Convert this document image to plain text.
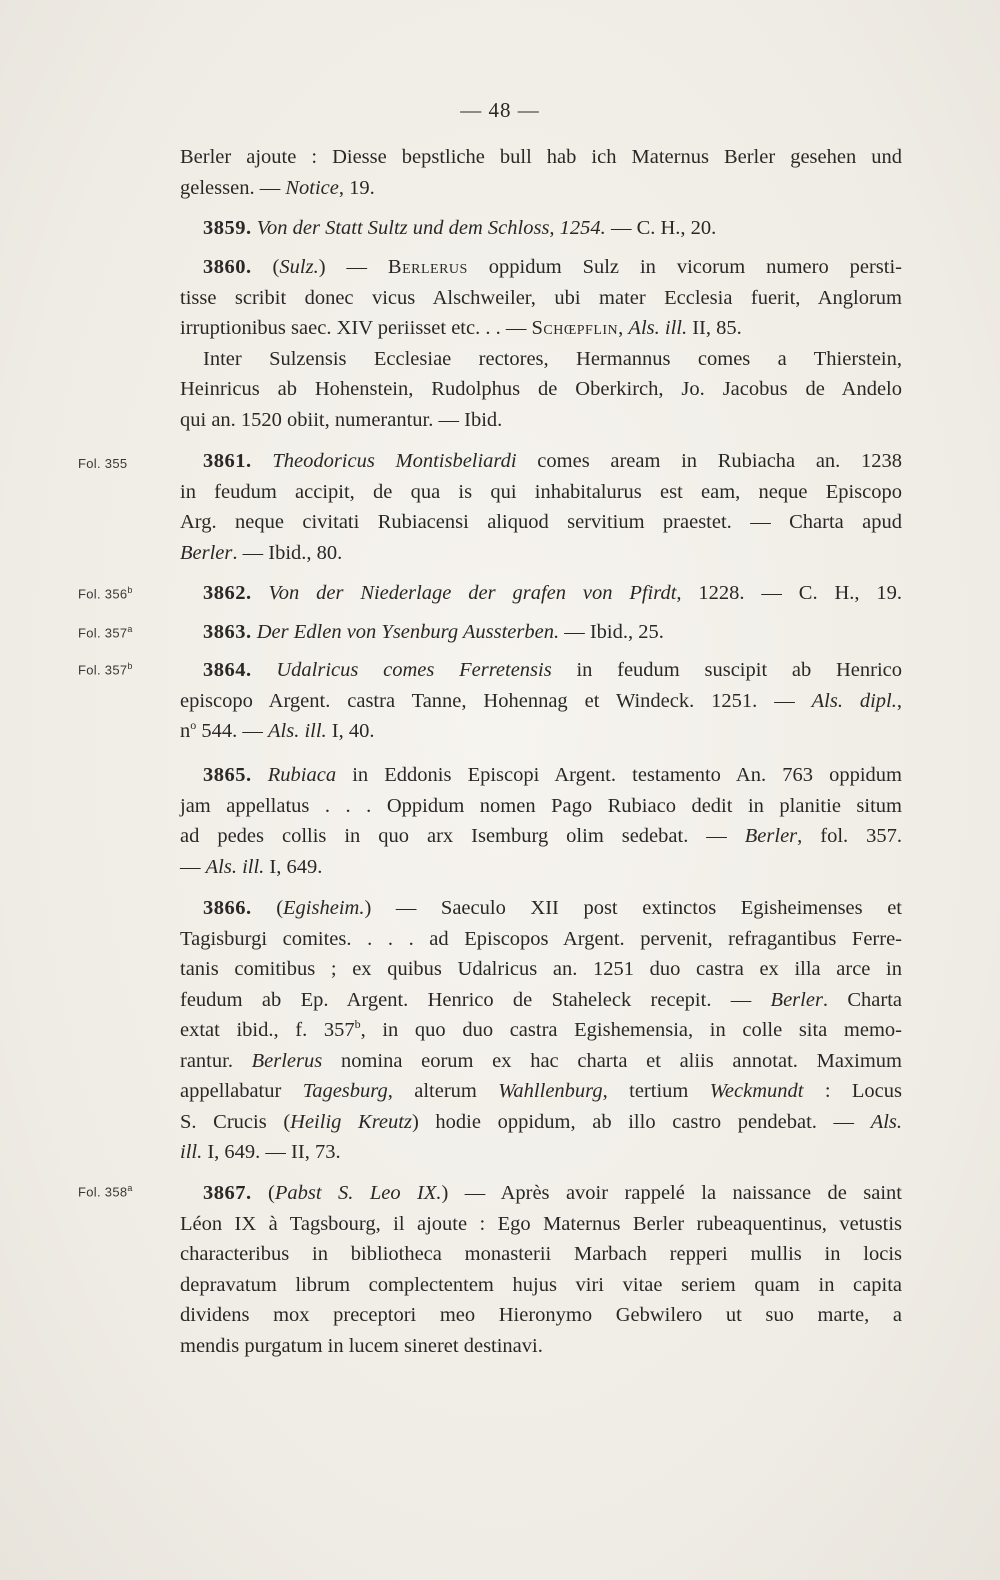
— 48 —
Fol. 355
Fol. 356$^b$
Fol. 357$^a$
Fol. 357$^b$
Fol. 358$^a$
Berler ajoute : Diesse bepstliche bull hab ich Maternus Berler gesehen und
gelessen. — Notice, 19.
3859. Von der Statt Sultz und dem Schloss, 1254. — C. H., 20.
3860. (Sulz.) — Berlerus oppidum Sulz in vicorum numero persti-
tisse scribit donec vicus Alschweiler, ubi mater Ecclesia fuerit, Anglorum
irruptionibus saec. XIV periisset etc. . . — Schœpflin, Als. ill. II, 85.
Inter Sulzensis Ecclesiae rectores, Hermannus comes a Thierstein,
Heinricus ab Hohenstein, Rudolphus de Oberkirch, Jo. Jacobus de Andelo
qui an. 1520 obiit, numerantur. — Ibid.
3861. Theodoricus Montisbeliardi comes aream in Rubiacha an. 1238
in feudum accipit, de qua is qui inhabitalurus est eam, neque Episcopo
Arg. neque civitati Rubiacensi aliquod servitium praestet. — Charta apud
Berler. — Ibid., 80.
3862. Von der Niederlage der grafen von Pfirdt, 1228. — C. H., 19.
3863. Der Edlen von Ysenburg Aussterben. — Ibid., 25.
3864. Udalricus comes Ferretensis in feudum suscipit ab Henrico
episcopo Argent. castra Tanne, Hohennag et Windeck. 1251. — Als. dipl.,
$n^o$ 544. — Als. ill. I, 40.
3865. Rubiaca in Eddonis Episcopi Argent. testamento An. 763 oppidum
jam appellatus . . . Oppidum nomen Pago Rubiaco dedit in planitie situm
ad pedes collis in quo arx Isemburg olim sedebat. — Berler, fol. 357.
— Als. ill. I, 649.
3866. (Egisheim.) — Saeculo XII post extinctos Egisheimenses et
Tagisburgi comites. . . . ad Episcopos Argent. pervenit, refragantibus Ferre-
tanis comitibus ; ex quibus Udalricus an. 1251 duo castra ex illa arce in
feudum ab Ep. Argent. Henrico de Staheleck recepit. — Berler. Charta
extat ibid., f. 357$^b$, in quo duo castra Egishemensia, in colle sita memo-
rantur. Berlerus nomina eorum ex hac charta et aliis annotat. Maximum
appellabatur Tagesburg, alterum Wahllenburg, tertium Weckmundt : Locus
S. Crucis (Heilig Kreutz) hodie oppidum, ab illo castro pendebat. — Als.
ill. I, 649. — II, 73.
3867. (Pabst S. Leo IX.) — Après avoir rappelé la naissance de saint
Léon IX à Tagsbourg, il ajoute : Ego Maternus Berler rubeaquentinus, vetustis
characteribus in bibliotheca monasterii Marbach repperi mullis in locis
depravatum librum complectentem hujus viri vitae seriem quam in capita
dividens mox preceptori meo Hieronymo Gebwilero ut suo marte, a
mendis purgatum in lucem sineret destinavi.
